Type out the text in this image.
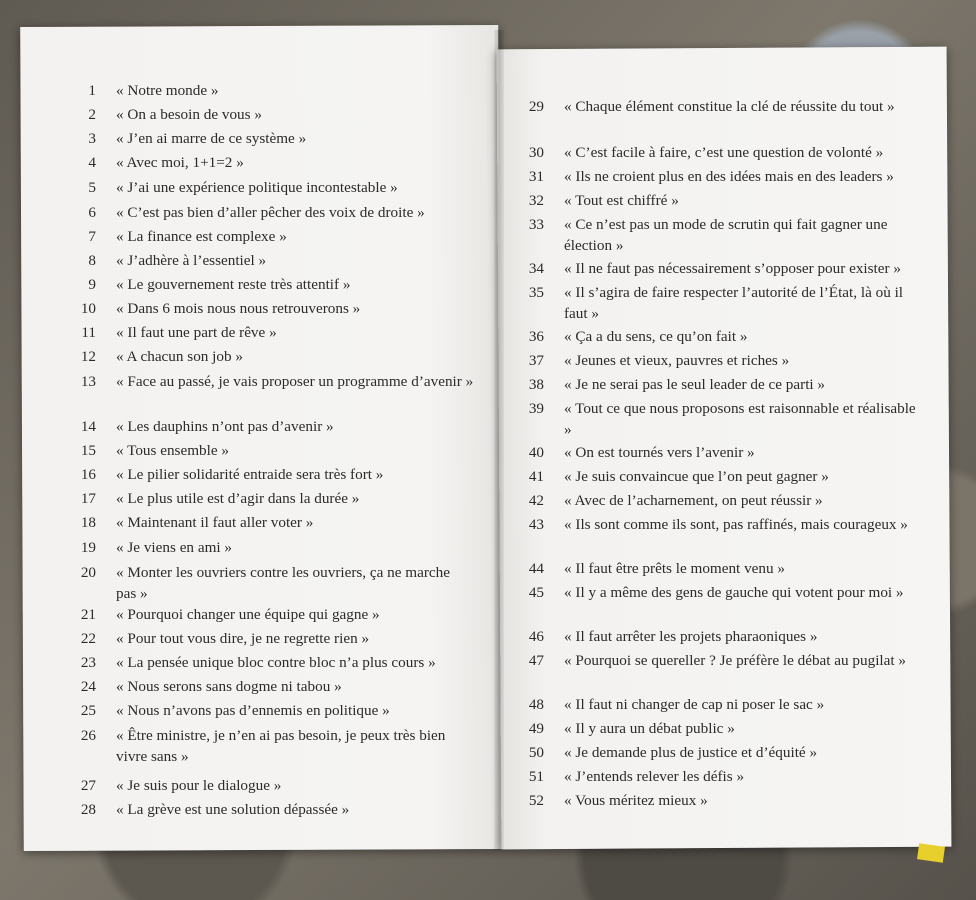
1 « Notre monde »
2 « On a besoin de vous »
3 « J’en ai marre de ce système »
4 « Avec moi, 1+1=2 »
5 « J’ai une expérience politique incontestable »
6 « C’est pas bien d’aller pêcher des voix de droite »
7 « La finance est complexe »
8 « J’adhère à l’essentiel »
9 « Le gouvernement reste très attentif »
10 « Dans 6 mois nous nous retrouverons »
11 « Il faut une part de rêve »
12 « A chacun son job »
13 « Face au passé, je vais proposer un programme d’avenir »
14 « Les dauphins n’ont pas d’avenir »
15 « Tous ensemble »
16 « Le pilier solidarité entraide sera très fort »
17 « Le plus utile est d’agir dans la durée »
18 « Maintenant il faut aller voter »
19 « Je viens en ami »
20 « Monter les ouvriers contre les ouvriers, ça ne marche pas »
21 « Pourquoi changer une équipe qui gagne »
22 « Pour tout vous dire, je ne regrette rien »
23 « La pensée unique bloc contre bloc n’a plus cours »
24 « Nous serons sans dogme ni tabou »
25 « Nous n’avons pas d’ennemis en politique »
26 « Être ministre, je n’en ai pas besoin, je peux très bien vivre sans »
27 « Je suis pour le dialogue »
28 « La grève est une solution dépassée »
29 « Chaque élément constitue la clé de réussite du tout »
30 « C’est facile à faire, c’est une question de volonté »
31 « Ils ne croient plus en des idées mais en des leaders »
32 « Tout est chiffré »
33 « Ce n’est pas un mode de scrutin qui fait gagner une élection »
34 « Il ne faut pas nécessairement s’opposer pour exister »
35 « Il s’agira de faire respecter l’autorité de l’État, là où il faut »
36 « Ça a du sens, ce qu’on fait »
37 « Jeunes et vieux, pauvres et riches »
38 « Je ne serai pas le seul leader de ce parti »
39 « Tout ce que nous proposons est raisonnable et réalisable »
40 « On est tournés vers l’avenir »
41 « Je suis convaincue que l’on peut gagner »
42 « Avec de l’acharnement, on peut réussir »
43 « Ils sont comme ils sont, pas raffinés, mais courageux »
44 « Il faut être prêts le moment venu »
45 « Il y a même des gens de gauche qui votent pour moi »
46 « Il faut arrêter les projets pharaoniques »
47 « Pourquoi se quereller ? Je préfère le débat au pugilat »
48 « Il faut ni changer de cap ni poser le sac »
49 « Il y aura un débat public »
50 « Je demande plus de justice et d’équité »
51 « J’entends relever les défis »
52 « Vous méritez mieux »
